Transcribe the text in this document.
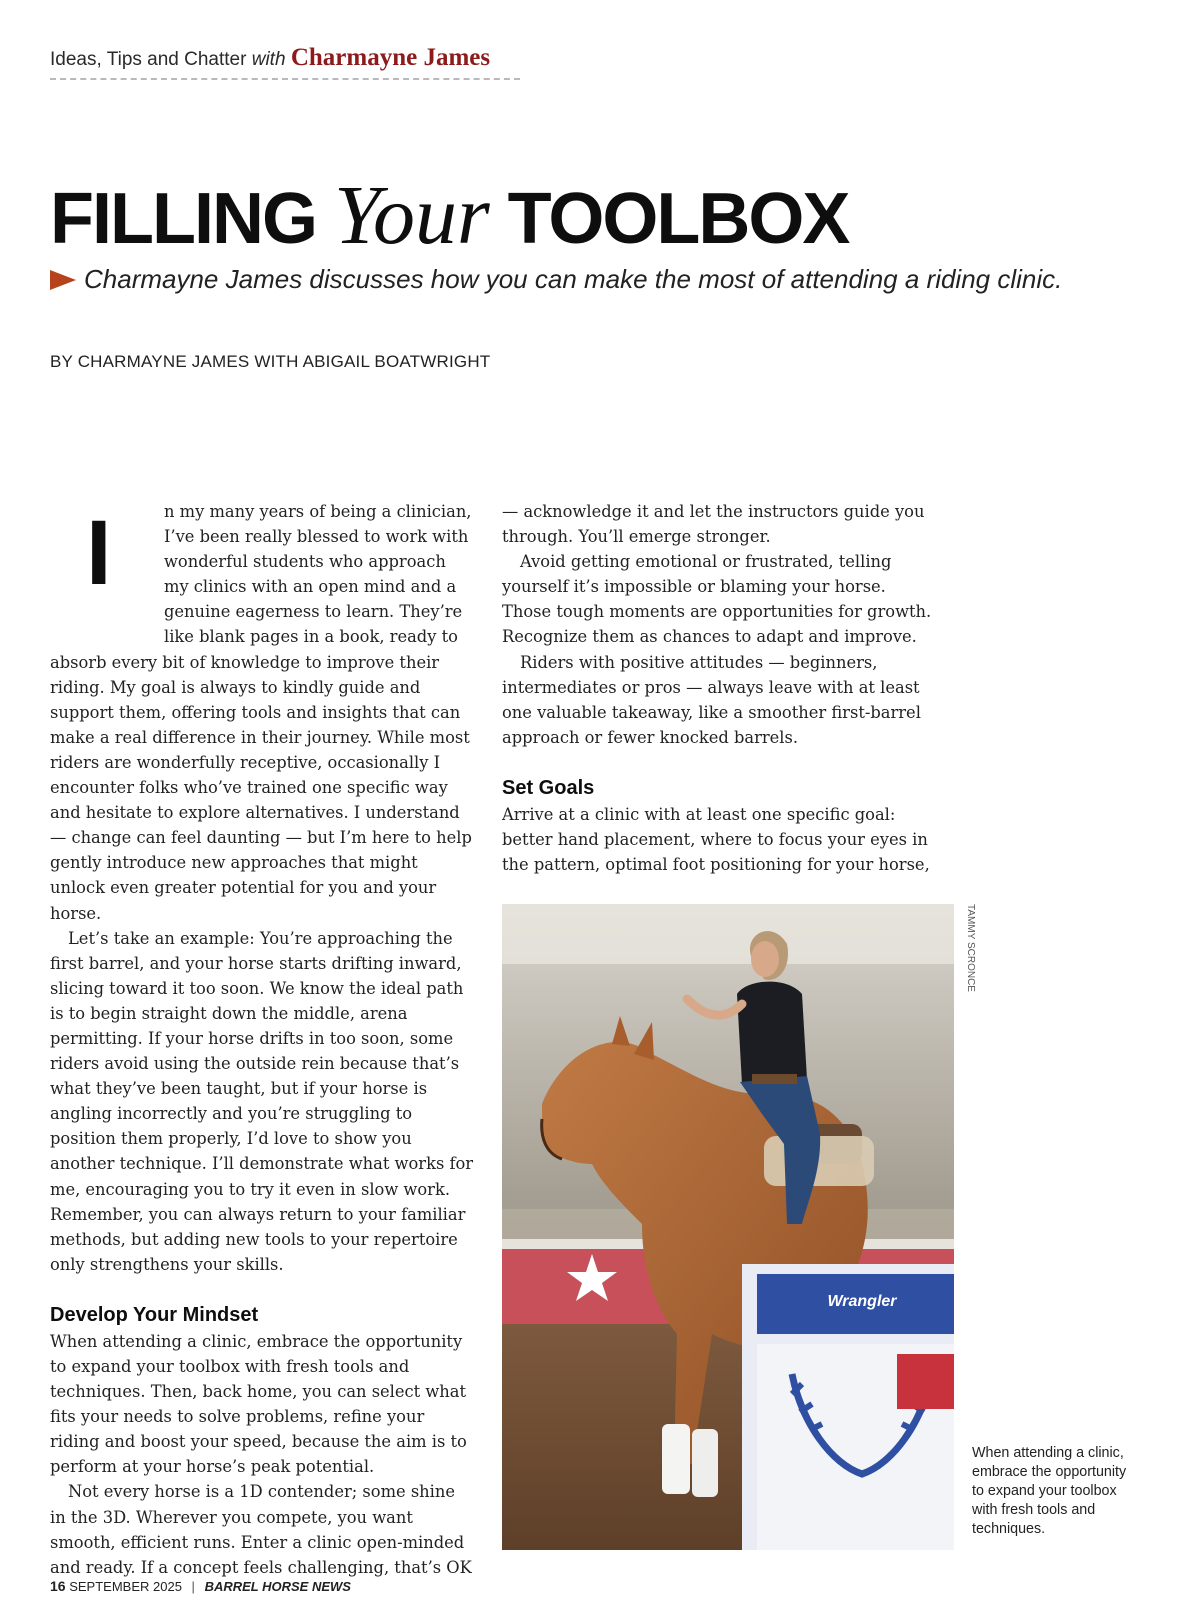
Ideas, Tips and Chatter with Charmayne James
FILLING Your TOOLBOX
Charmayne James discusses how you can make the most of attending a riding clinic.
BY CHARMAYNE JAMES WITH ABIGAIL BOATWRIGHT
I	n my many years of being a clinician, I’ve been really blessed to work with wonderful students who approach my clinics with an open mind and a genuine eagerness to learn. They’re like blank pages in a book, ready to absorb every bit of knowledge to improve their riding. My goal is always to kindly guide and support them, offering tools and insights that can make a real difference in their journey. While most riders are wonderfully receptive, occasionally I encounter folks who’ve trained one specific way and hesitate to explore alternatives. I understand — change can feel daunting — but I’m here to help gently introduce new approaches that might unlock even greater potential for you and your horse.

Let’s take an example: You’re approaching the first barrel, and your horse starts drifting inward, slicing toward it too soon. We know the ideal path is to begin straight down the middle, arena permitting. If your horse drifts in too soon, some riders avoid using the outside rein because that’s what they’ve been taught, but if your horse is angling incorrectly and you’re struggling to position them properly, I’d love to show you another technique. I’ll demonstrate what works for me, encouraging you to try it even in slow work. Remember, you can always return to your familiar methods, but adding new tools to your repertoire only strengthens your skills.

Develop Your Mindset

When attending a clinic, embrace the opportunity to expand your toolbox with fresh tools and techniques. Then, back home, you can select what fits your needs to solve problems, refine your riding and boost your speed, because the aim is to perform at your horse’s peak potential.

Not every horse is a 1D contender; some shine in the 3D. Wherever you compete, you want smooth, efficient runs. Enter a clinic open-minded and ready. If a concept feels challenging, that’s OK

— acknowledge it and let the instructors guide you through. You’ll emerge stronger.

Avoid getting emotional or frustrated, telling yourself it’s impossible or blaming your horse. Those tough moments are opportunities for growth. Recognize them as chances to adapt and improve.

Riders with positive attitudes — beginners, intermediates or pros — always leave with at least one valuable takeaway, like a smoother first-barrel approach or fewer knocked barrels.

Set Goals

Arrive at a clinic with at least one specific goal: better hand placement, where to focus your eyes in the pattern, optimal foot positioning for your horse,

Wrangler
TAMMY SCRONCE
When attending a clinic, embrace the opportunity to expand your toolbox with fresh tools and techniques.
16 SEPTEMBER 2025 | BARREL HORSE NEWS
